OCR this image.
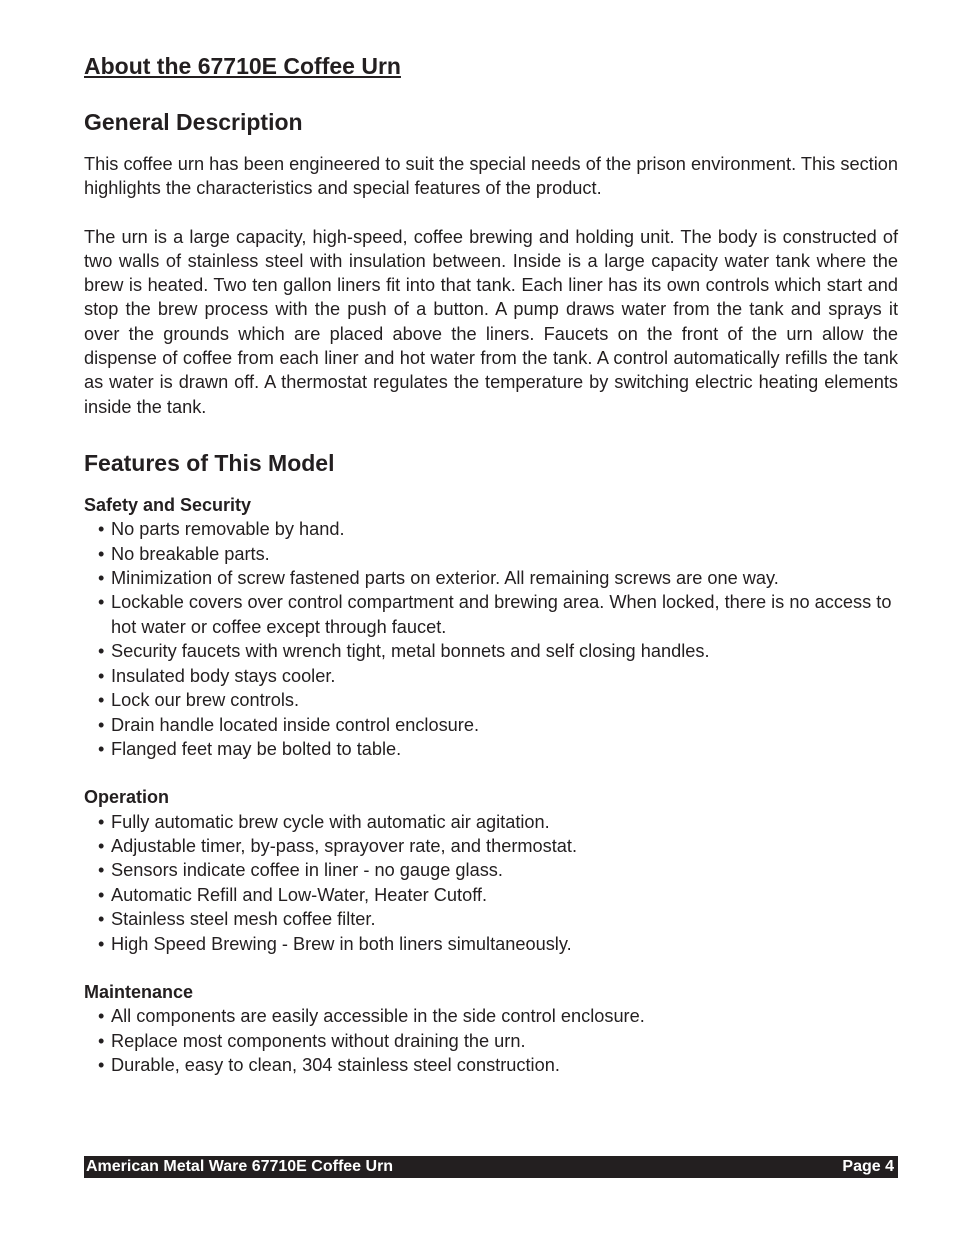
About the 67710E Coffee Urn
General Description

This coffee urn has been engineered to suit the special needs of the prison environment. This section highlights the characteristics and special features of the product.

The urn is a large capacity, high-speed, coffee brewing and holding unit. The body is constructed of two walls of stainless steel with insulation between. Inside is a large capacity water tank where the brew is heated. Two ten gallon liners fit into that tank. Each liner has its own controls which start and stop the brew process with the push of a button. A pump draws water from the tank and sprays it over the grounds which are placed above the liners. Faucets on the front of the urn allow the dispense of coffee from each liner and hot water from the tank. A control automatically refills the tank as water is drawn off. A thermostat regulates the temperature by switching electric heating elements inside the tank.

Features of This Model
Safety and Security
• No parts removable by hand.
• No breakable parts.
• Minimization of screw fastened parts on exterior. All remaining screws are one way.
• Lockable covers over control compartment and brewing area. When locked, there is no access to hot water or coffee except through faucet.
• Security faucets with wrench tight, metal bonnets and self closing handles.
• Insulated body stays cooler.
• Lock our brew controls.
• Drain handle located inside control enclosure.
• Flanged feet may be bolted to table.
Operation
• Fully automatic brew cycle with automatic air agitation.
• Adjustable timer, by-pass, sprayover rate, and thermostat.
• Sensors indicate coffee in liner - no gauge glass.
• Automatic Refill and Low-Water, Heater Cutoff.
• Stainless steel mesh coffee filter.
• High Speed Brewing - Brew in both liners simultaneously.
Maintenance
• All components are easily accessible in the side control enclosure.
• Replace most components without draining the urn.
• Durable, easy to clean, 304 stainless steel construction.
American Metal Ware 67710E Coffee Urn	Page 4
